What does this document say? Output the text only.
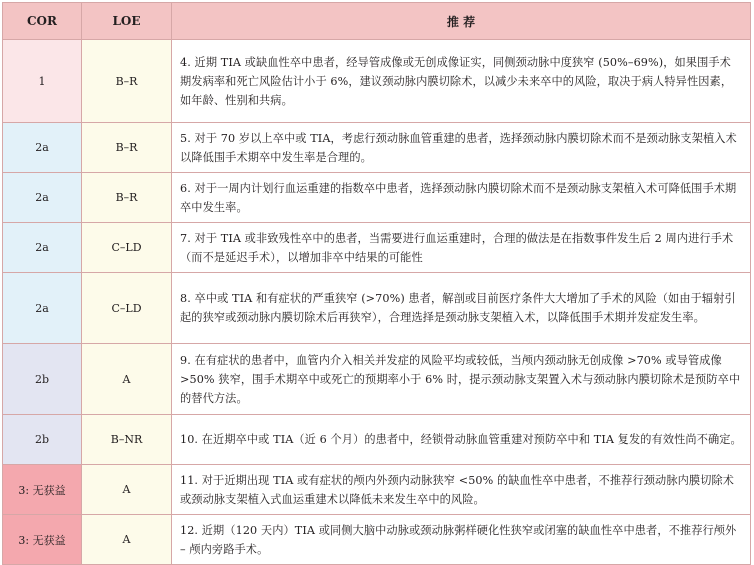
COR	LOE	推 荐
1	B–R	4. 近期 TIA 或缺血性卒中患者，经导管成像或无创成像证实，同侧颈动脉中度狭窄 (50%–69%)，如果围手术期发病率和死亡风险估计小于 6%，建议颈动脉内膜切除术，以减少未来卒中的风险，取决于病人特异性因素，如年龄、性别和共病。
2a	B–R	5. 对于 70 岁以上卒中或 TIA，考虑行颈动脉血管重建的患者，选择颈动脉内膜切除术而不是颈动脉支架植入术以降低围手术期卒中发生率是合理的。
2a	B–R	6. 对于一周内计划行血运重建的指数卒中患者，选择颈动脉内膜切除术而不是颈动脉支架植入术可降低围手术期卒中发生率。
2a	C–LD	7. 对于 TIA 或非致残性卒中的患者，当需要进行血运重建时，合理的做法是在指数事件发生后 2 周内进行手术（而不是延迟手术），以增加非卒中结果的可能性
2a	C–LD	8. 卒中或 TIA 和有症状的严重狭窄 (>70%) 患者，解剖或目前医疗条件大大增加了手术的风险（如由于辐射引起的狭窄或颈动脉内膜切除术后再狭窄），合理选择是颈动脉支架植入术，以降低围手术期并发症发生率。
2b	A	9. 在有症状的患者中，血管内介入相关并发症的风险平均或较低，当颅内颈动脉无创成像 >70% 或导管成像 >50% 狭窄，围手术期卒中或死亡的预期率小于 6% 时，提示颈动脉支架置入术与颈动脉内膜切除术是预防卒中的替代方法。
2b	B–NR	10. 在近期卒中或 TIA（近 6 个月）的患者中，经锁骨动脉血管重建对预防卒中和 TIA 复发的有效性尚不确定。
3: 无获益	A	11. 对于近期出现 TIA 或有症状的颅内外颈内动脉狭窄 <50% 的缺血性卒中患者，不推荐行颈动脉内膜切除术或颈动脉支架植入式血运重建术以降低未来发生卒中的风险。
3: 无获益	A	12. 近期（120 天内）TIA 或同侧大脑中动脉或颈动脉粥样硬化性狭窄或闭塞的缺血性卒中患者，不推荐行颅外 – 颅内旁路手术。
